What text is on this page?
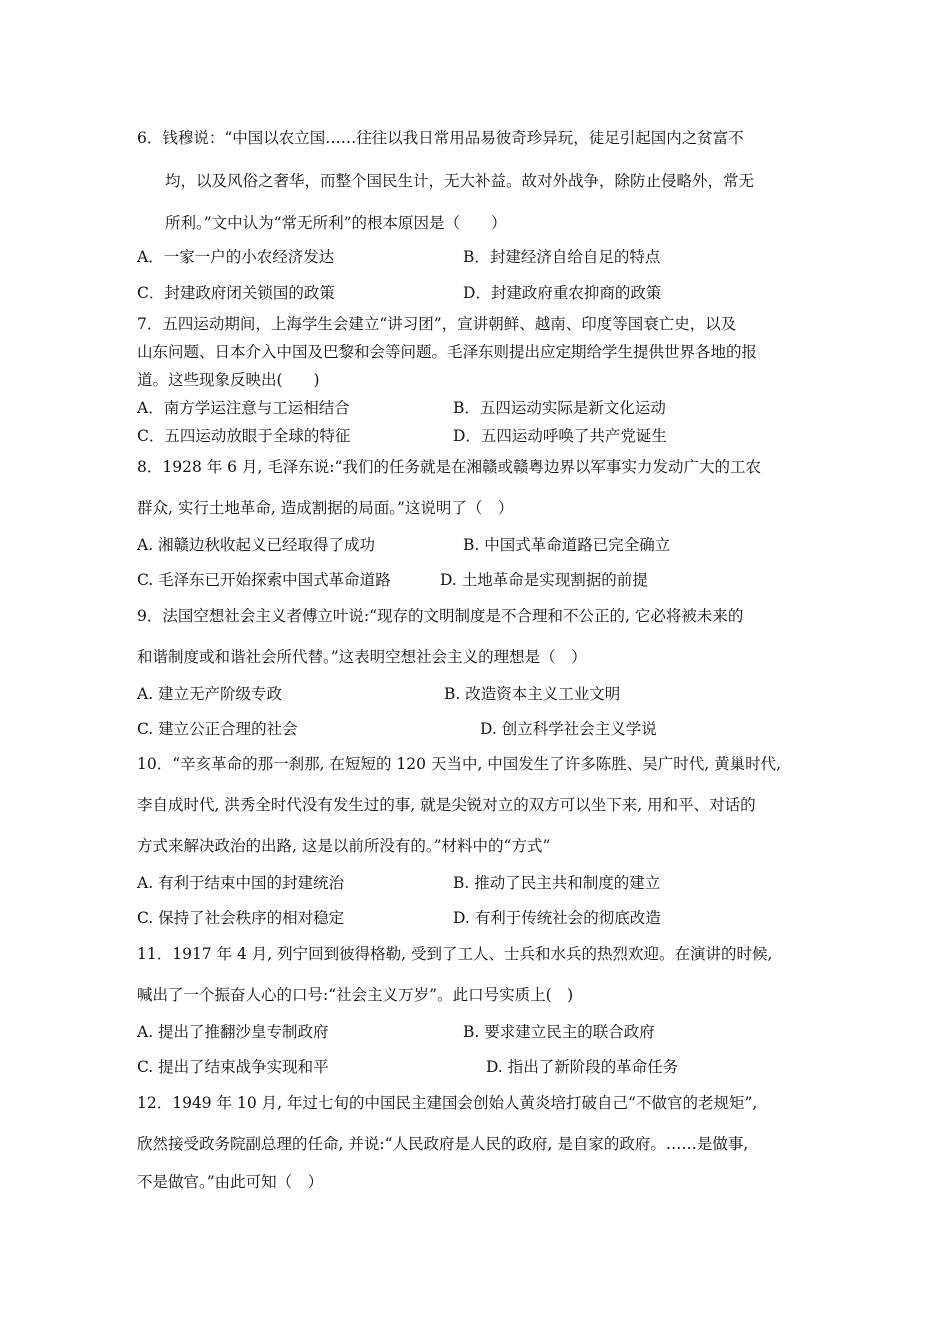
6．钱穆说：“中国以农立国……往往以我日常用品易彼奇珍异玩，徒足引起国内之贫富不
均，以及风俗之奢华，而整个国民生计，无大补益。故对外战争，除防止侵略外，常无
所利。”文中认为“常无所利”的根本原因是（　　）
A．一家一户的小农经济发达	B．封建经济自给自足的特点
C．封建政府闭关锁国的政策	D．封建政府重农抑商的政策
7．五四运动期间，上海学生会建立“讲习团”，宣讲朝鲜、越南、印度等国衰亡史，以及
山东问题、日本介入中国及巴黎和会等问题。毛泽东则提出应定期给学生提供世界各地的报
道。这些现象反映出(　　)
A．南方学运注意与工运相结合	B．五四运动实际是新文化运动
C．五四运动放眼于全球的特征	D．五四运动呼唤了共产党诞生
8．1928 年 6 月, 毛泽东说:“我们的任务就是在湘赣或赣粤边界以军事实力发动广大的工农
群众, 实行土地革命, 造成割据的局面。”这说明了（　）
A. 湘赣边秋收起义已经取得了成功	B. 中国式革命道路已完全确立
C. 毛泽东已开始探索中国式革命道路	D. 土地革命是实现割据的前提
9．法国空想社会主义者傅立叶说:“现存的文明制度是不合理和不公正的, 它必将被未来的
和谐制度或和谐社会所代替。”这表明空想社会主义的理想是（　）
A. 建立无产阶级专政	B. 改造资本主义工业文明
C. 建立公正合理的社会	D. 创立科学社会主义学说
10．“辛亥革命的那一刹那, 在短短的 120 天当中, 中国发生了许多陈胜、吴广时代, 黄巢时代,
李自成时代, 洪秀全时代没有发生过的事, 就是尖锐对立的双方可以坐下来, 用和平、对话的
方式来解决政治的出路, 这是以前所没有的。”材料中的“方式”
A. 有利于结束中国的封建统治	B. 推动了民主共和制度的建立
C. 保持了社会秩序的相对稳定	D. 有利于传统社会的彻底改造
11．1917 年 4 月, 列宁回到彼得格勒, 受到了工人、士兵和水兵的热烈欢迎。在演讲的时候,
喊出了一个振奋人心的口号:“社会主义万岁”。此口号实质上(　)
A. 提出了推翻沙皇专制政府	B. 要求建立民主的联合政府
C. 提出了结束战争实现和平	D. 指出了新阶段的革命任务
12．1949 年 10 月, 年过七旬的中国民主建国会创始人黄炎培打破自己“不做官的老规矩”,
欣然接受政务院副总理的任命, 并说:“人民政府是人民的政府, 是自家的政府。……是做事,
不是做官。”由此可知（　）
